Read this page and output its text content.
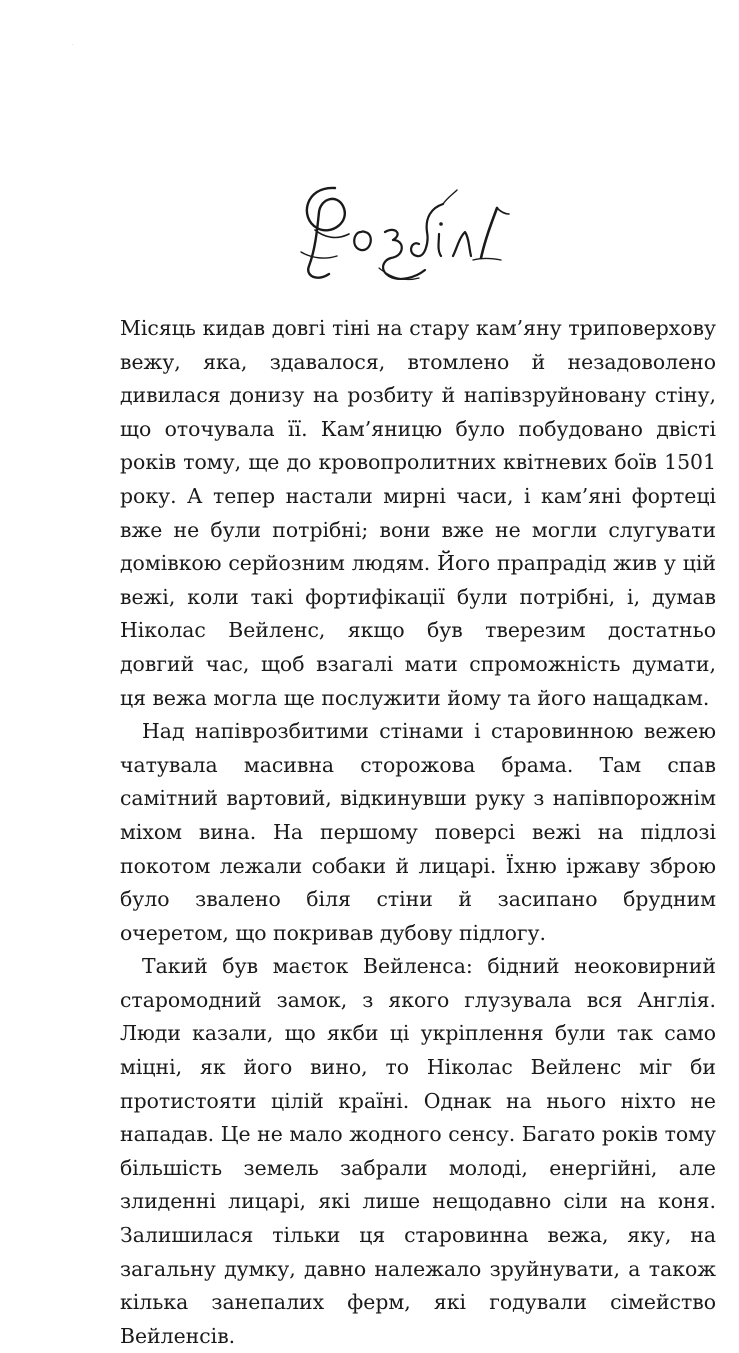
Місяць кидав довгі тіні на стару кам’яну триповерхову вежу, яка, здавалося, втомлено й незадоволено дивилася донизу на розбиту й напівзруйновану стіну, що оточувала її. Кам’яницю було побудовано двісті років тому, ще до кровопролитних квітневих боїв 1501 року. А тепер настали мирні часи, і кам’яні фортеці вже не були потрібні; вони вже не могли слугувати домівкою серйозним людям. Його прапрадід жив у цій вежі, коли такі фортифікації були потрібні, і, думав Ніколас Вейленс, якщо був тверезим достатньо довгий час, щоб взагалі мати спроможність думати, ця вежа могла ще послужити йому та його нащадкам.

Над напіврозбитими стінами і старовинною вежею чатувала масивна сторожова брама. Там спав самітний вартовий, відкинувши руку з напівпорожнім міхом вина. На першому поверсі вежі на підлозі покотом лежали собаки й лицарі. Їхню іржаву зброю було звалено біля стіни й засипано брудним очеретом, що покривав дубову підлогу.

Такий був маєток Вейленса: бідний неоковирний старомодний замок, з якого глузувала вся Англія. Люди казали, що якби ці укріплення були так само міцні, як його вино, то Ніколас Вейленс міг би протистояти цілій країні. Однак на нього ніхто не нападав. Це не мало жодного сенсу. Багато років тому більшість земель забрали молоді, енергійні, але злиденні лицарі, які лише нещодавно сіли на коня. Залишилася тільки ця старовинна вежа, яку, на загальну думку, давно належало зруйнувати, а також кілька занепалих ферм, які годували сімейство Вейленсів.
